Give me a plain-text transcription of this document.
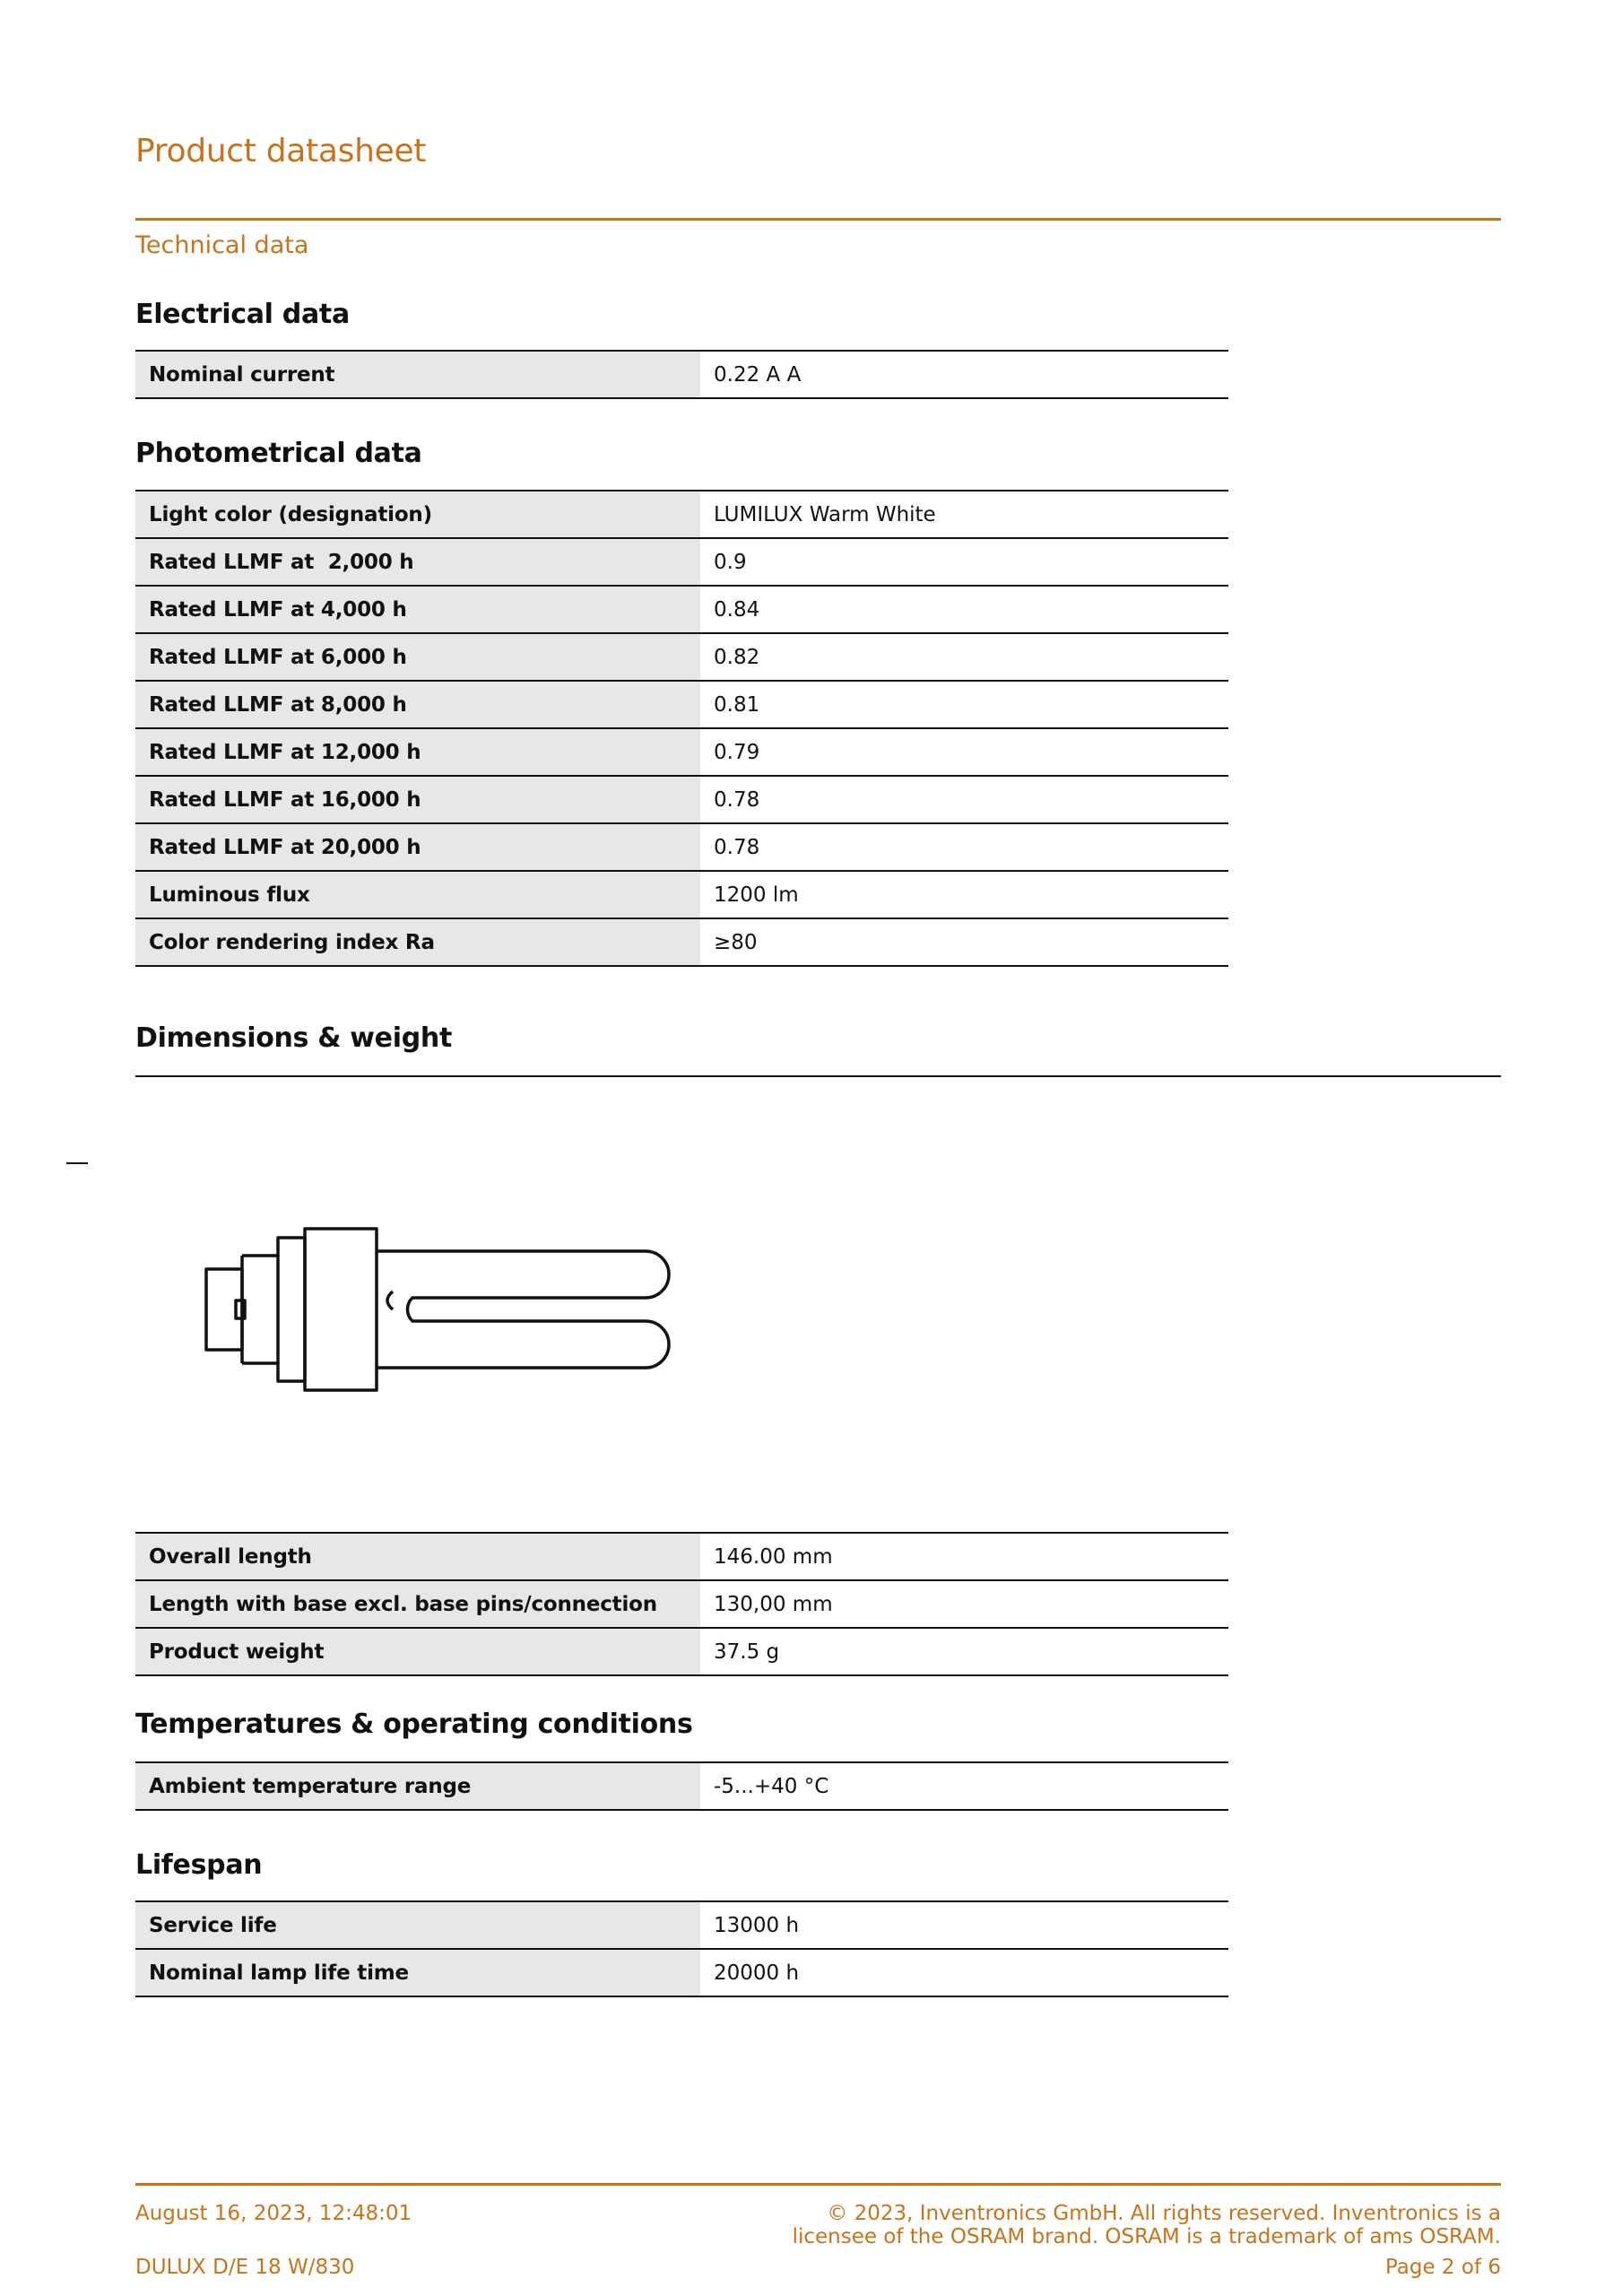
Product datasheet
Technical data
Electrical data
Nominal current	0.22 A A
Photometrical data
Light color (designation)	LUMILUX Warm White
Rated LLMF at  2,000 h	0.9
Rated LLMF at 4,000 h	0.84
Rated LLMF at 6,000 h	0.82
Rated LLMF at 8,000 h	0.81
Rated LLMF at 12,000 h	0.79
Rated LLMF at 16,000 h	0.78
Rated LLMF at 20,000 h	0.78
Luminous flux	1200 lm
Color rendering index Ra	≥80
Dimensions & weight
Overall length	146.00 mm
Length with base excl. base pins/connection	130,00 mm
Product weight	37.5 g
Temperatures & operating conditions
Ambient temperature range	-5...+40 °C
Lifespan
Service life	13000 h
Nominal lamp life time	20000 h
August 16, 2023, 12:48:01	© 2023, Inventronics GmbH. All rights reserved. Inventronics is a
licensee of the OSRAM brand. OSRAM is a trademark of ams OSRAM.
DULUX D/E 18 W/830	Page 2 of 6
